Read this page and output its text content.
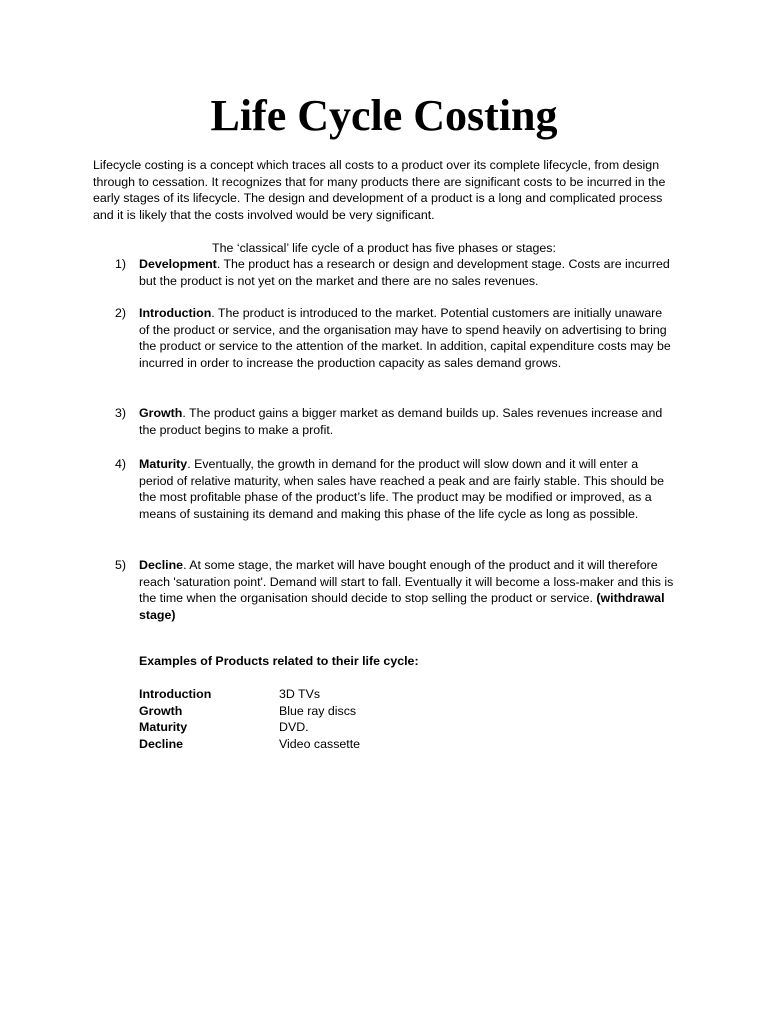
Life Cycle Costing

Lifecycle costing is a concept which traces all costs to a product over its complete lifecycle, from design through to cessation. It recognizes that for many products there are significant costs to be incurred in the early stages of its lifecycle. The design and development of a product is a long and complicated process and it is likely that the costs involved would be very significant.

The ‘classical’ life cycle of a product has five phases or stages:

1)	Development. The product has a research or design and development stage. Costs are incurred but the product is not yet on the market and there are no sales revenues.

2)	Introduction. The product is introduced to the market. Potential customers are initially unaware of the product or service, and the organisation may have to spend heavily on advertising to bring the product or service to the attention of the market. In addition, capital expenditure costs may be incurred in order to increase the production capacity as sales demand grows.

3)	Growth. The product gains a bigger market as demand builds up. Sales revenues increase and the product begins to make a profit.

4)	Maturity. Eventually, the growth in demand for the product will slow down and it will enter a period of relative maturity, when sales have reached a peak and are fairly stable. This should be the most profitable phase of the product’s life. The product may be modified or improved, as a means of sustaining its demand and making this phase of the life cycle as long as possible.

5)	Decline. At some stage, the market will have bought enough of the product and it will therefore reach 'saturation point'. Demand will start to fall. Eventually it will become a loss-maker and this is the time when the organisation should decide to stop selling the product or service. (withdrawal stage)

Examples of Products related to their life cycle:

Introduction	3D TVs
Growth	Blue ray discs
Maturity	DVD.
Decline	Video cassette
